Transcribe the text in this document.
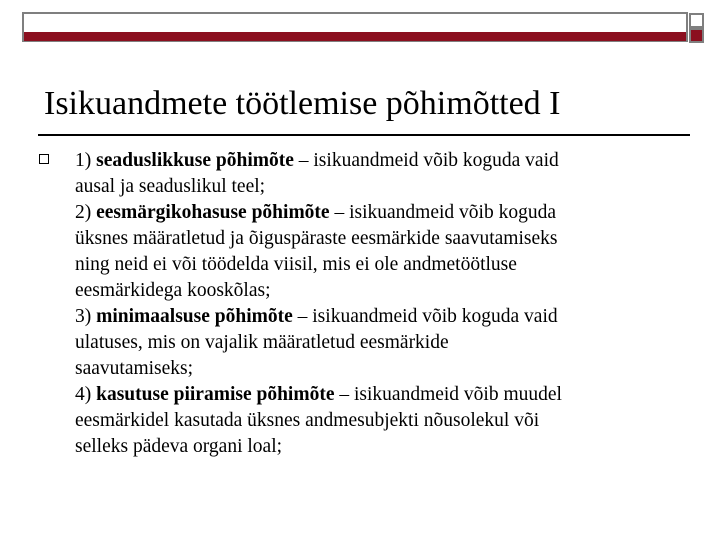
Isikuandmete töötlemise põhimõtted I
1) seaduslikkuse põhimõte – isikuandmeid võib koguda vaid
ausal ja seaduslikul teel;
2) eesmärgikohasuse põhimõte – isikuandmeid võib koguda
üksnes määratletud ja õiguspäraste eesmärkide saavutamiseks
ning neid ei või töödelda viisil, mis ei ole andmetöötluse
eesmärkidega kooskõlas;
3) minimaalsuse põhimõte – isikuandmeid võib koguda vaid
ulatuses, mis on vajalik määratletud eesmärkide
saavutamiseks;
4) kasutuse piiramise põhimõte – isikuandmeid võib muudel
eesmärkidel kasutada üksnes andmesubjekti nõusolekul või
selleks pädeva organi loal;
